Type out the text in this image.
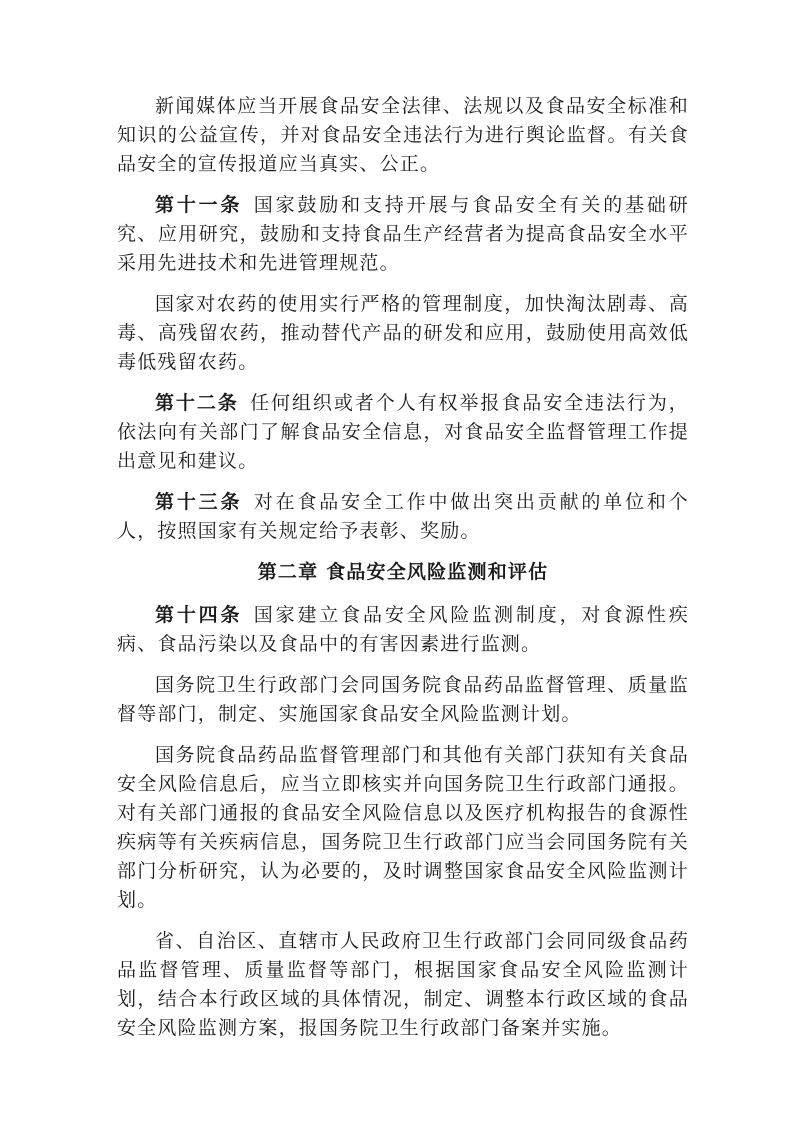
新闻媒体应当开展食品安全法律、法规以及食品安全标准和知识的公益宣传，并对食品安全违法行为进行舆论监督。有关食品安全的宣传报道应当真实、公正。

第十一条 国家鼓励和支持开展与食品安全有关的基础研究、应用研究，鼓励和支持食品生产经营者为提高食品安全水平采用先进技术和先进管理规范。

国家对农药的使用实行严格的管理制度，加快淘汰剧毒、高毒、高残留农药，推动替代产品的研发和应用，鼓励使用高效低毒低残留农药。

第十二条 任何组织或者个人有权举报食品安全违法行为，依法向有关部门了解食品安全信息，对食品安全监督管理工作提出意见和建议。

第十三条 对在食品安全工作中做出突出贡献的单位和个人，按照国家有关规定给予表彰、奖励。

第二章 食品安全风险监测和评估

第十四条 国家建立食品安全风险监测制度，对食源性疾病、食品污染以及食品中的有害因素进行监测。

国务院卫生行政部门会同国务院食品药品监督管理、质量监督等部门，制定、实施国家食品安全风险监测计划。

国务院食品药品监督管理部门和其他有关部门获知有关食品安全风险信息后，应当立即核实并向国务院卫生行政部门通报。对有关部门通报的食品安全风险信息以及医疗机构报告的食源性疾病等有关疾病信息，国务院卫生行政部门应当会同国务院有关部门分析研究，认为必要的，及时调整国家食品安全风险监测计划。

省、自治区、直辖市人民政府卫生行政部门会同同级食品药品监督管理、质量监督等部门，根据国家食品安全风险监测计划，结合本行政区域的具体情况，制定、调整本行政区域的食品安全风险监测方案，报国务院卫生行政部门备案并实施。
